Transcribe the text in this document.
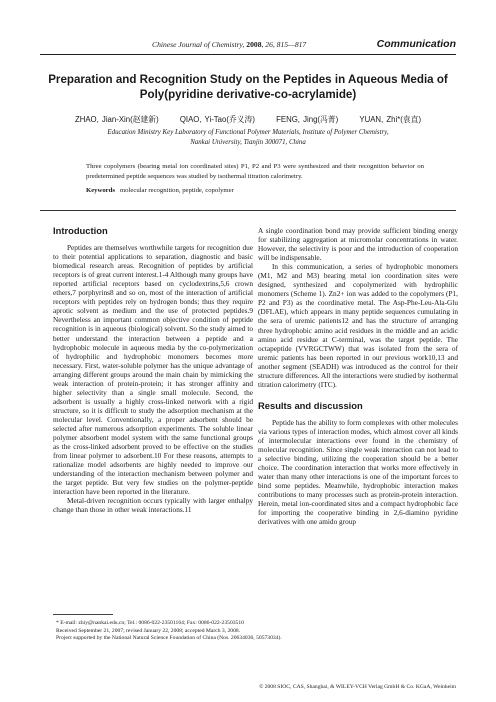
Chinese Journal of Chemistry, 2008, 26, 815—817	Communication
Preparation and Recognition Study on the Peptides in Aqueous Media of Poly(pyridine derivative-co-acrylamide)
ZHAO, Jian-Xin(赵建新)	QIAO, Yi-Tao(乔义涛)	FENG, Jing(冯菁)	YUAN, Zhi*(袁直)
Education Ministry Key Laboratory of Functional Polymer Materials, Institute of Polymer Chemistry,
Nankai University, Tianjin 300071, China
Three copolymers (bearing metal ion coordinated sites) P1, P2 and P3 were synthesized and their recognition behavior on predetermined peptide sequences was studied by isothermal titration calorimetry.
Keywords molecular recognition, peptide, copolymer
Introduction

Peptides are themselves worthwhile targets for recognition due to their potential applications to separation, diagnostic and basic biomedical research areas. Recognition of peptides by artificial receptors is of great current interest.1-4 Although many groups have reported artificial receptors based on cyclodextrins,5,6 crown ethers,7 porphyrins8 and so on, most of the interaction of artificial receptors with peptides rely on hydrogen bonds; thus they require aprotic solvent as medium and the use of protected peptides.9 Nevertheless an important common objective condition of peptide recognition is in aqueous (biological) solvent. So the study aimed to better understand the interaction between a peptide and a hydrophobic molecule in aqueous media by the co-polymerization of hydrophilic and hydrophobic monomers becomes more necessary. First, water-soluble polymer has the unique advantage of arranging different groups around the main chain by mimicking the weak interaction of protein-protein; it has stronger affinity and higher selectivity than a single small molecule. Second, the adsorbent is usually a highly cross-linked network with a rigid structure, so it is difficult to study the adsorption mechanism at the molecular level. Conventionally, a proper adsorbent should be selected after numerous adsorption experiments. The soluble linear polymer absorbent model system with the same functional groups as the cross-linked adsorbent proved to be effective on the studies from linear polymer to adsorbent.10 For these reasons, attempts to rationalize model adsorbents are highly needed to improve our understanding of the interaction mechanism between polymer and the target peptide. But very few studies on the polymer-peptide interaction have been reported in the literature.

Metal-driven recognition occurs typically with larger enthalpy change than those in other weak interactions.11

A single coordination bond may provide sufficient binding energy for stabilizing aggregation at micromolar concentrations in water. However, the selectivity is poor and the introduction of cooperation will be indispensable.

In this communication, a series of hydrophobic monomers (M1, M2 and M3) bearing metal ion coordination sites were designed, synthesized and copolymerized with hydrophilic monomers (Scheme 1). Zn2+ ion was added to the copolymers (P1, P2 and P3) as the coordinative metal. The Asp-Phe-Leu-Ala-Glu (DFLAE), which appears in many peptide sequences cumulating in the sera of uremic patients12 and has the structure of arranging three hydrophobic amino acid residues in the middle and an acidic amino acid residue at C-terminal, was the target peptide. The octapeptide (VVRGCTWW) that was isolated from the sera of uremic patients has been reported in our previous work10,13 and another segment (SEADH) was introduced as the control for their structure differences. All the interactions were studied by isothermal titration calorimetry (ITC).

Results and discussion

Peptide has the ability to form complexes with other molecules via various types of interaction modes, which almost cover all kinds of intermolecular interactions ever found in the chemistry of molecular recognition. Since single weak interaction can not lead to a selective binding, utilizing the cooperation should be a better choice. The coordination interaction that works more effectively in water than many other interactions is one of the important forces to bind some peptides. Meanwhile, hydrophobic interaction makes contributions to many processes such as protein-protein interaction. Herein, metal ion-coordinated sites and a compact hydrophobic face for importing the cooperative binding in 2,6-diamino pyridine derivatives with one amido group

* E-mail: zhiy@nankai.edu.cn; Tel.: 0086-022-23501164; Fax: 0086-022-23503510
Received September 21, 2007; revised January 22, 2008; accepted March 3, 2008.
Project supported by the National Natural Science Foundation of China (Nos. 20634030, 50573034).
© 2008 SIOC, CAS, Shanghai, & WILEY-VCH Verlag GmbH & Co. KGaA, Weinheim
